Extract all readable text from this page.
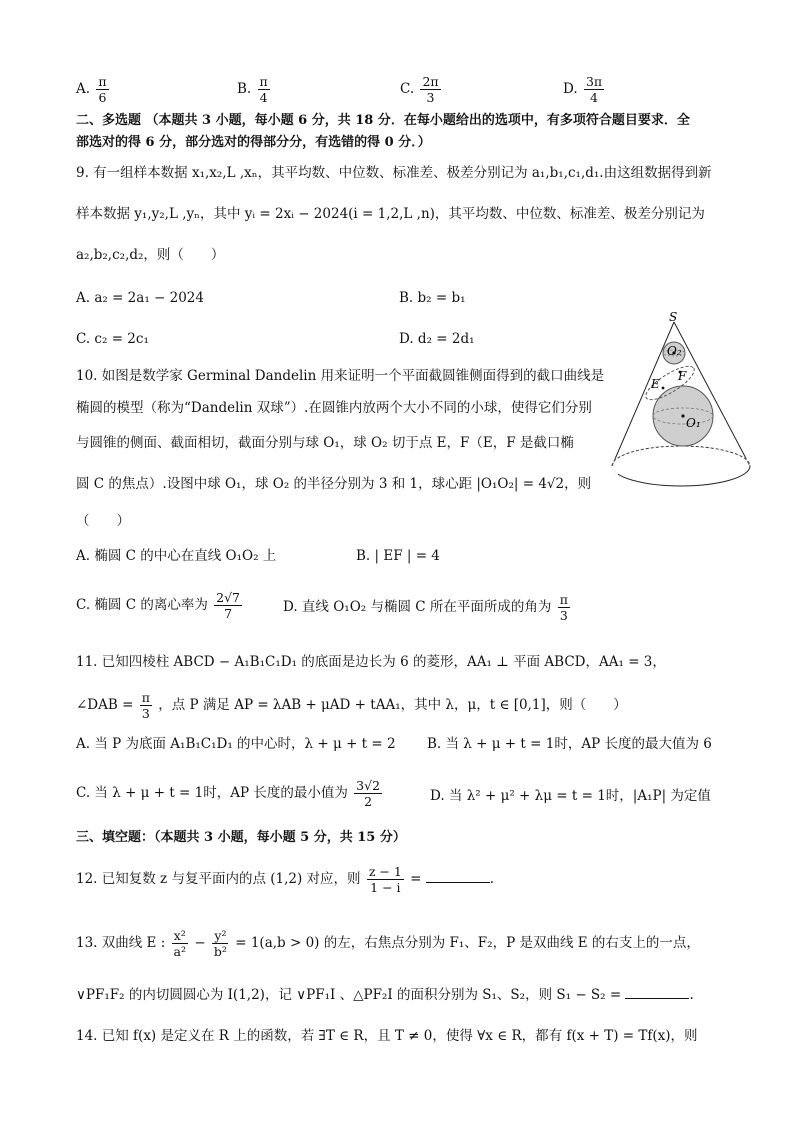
A. $\frac{\pi}{6}$	B. $\frac{\pi}{4}$	C. $\frac{2\pi}{3}$	D. $\frac{3\pi}{4}$
二、多选题 （本题共 3 小题，每小题 6 分，共 18 分．在每小题给出的选项中，有多项符合题目要求．全
部选对的得 6 分，部分选对的得部分分，有选错的得 0 分．）
9. 有一组样本数据 x₁,x₂,L ,xₙ，其平均数、中位数、标准差、极差分别记为 a₁,b₁,c₁,d₁.由这组数据得到新
样本数据 y₁,y₂,L ,yₙ，其中 yᵢ = 2xᵢ − 2024(i = 1,2,L ,n)，其平均数、中位数、标准差、极差分别记为
a₂,b₂,c₂,d₂，则（　　）
A. a₂ = 2a₁ − 2024	B. b₂ = b₁
C. c₂ = 2c₁	D. d₂ = 2d₁
10. 如图是数学家 Germinal Dandelin 用来证明一个平面截圆锥侧面得到的截口曲线是
椭圆的模型（称为“Dandelin 双球”）.在圆锥内放两个大小不同的小球，使得它们分别
与圆锥的侧面、截面相切，截面分别与球 O₁，球 O₂ 切于点 E，F（E，F 是截口椭
圆 C 的焦点）.设图中球 O₁，球 O₂ 的半径分别为 3 和 1，球心距 |O₁O₂| = 4√2，则
（　　）
S
O₂
O₁
E
F
A. 椭圆 C 的中心在直线 O₁O₂ 上	B. | EF | = 4
C. 椭圆 C 的离心率为 $\frac{2√7}{7}$	D. 直线 O₁O₂ 与椭圆 C 所在平面所成的角为 $\frac{\pi}{3}$
11. 已知四棱柱 ABCD − A₁B₁C₁D₁ 的底面是边长为 6 的菱形，AA₁ ⊥ 平面 ABCD，AA₁ = 3，
∠DAB = $\frac{\pi}{3}$ ，点 P 满足 AP = λAB + μAD + tAA₁，其中 λ，μ，t ∈ [0,1]，则（　　）
A. 当 P 为底面 A₁B₁C₁D₁ 的中心时，λ + μ + t = 2 B. 当 λ + μ + t = 1时，AP 长度的最大值为 6
C. 当 λ + μ + t = 1时，AP 长度的最小值为 $\frac{3√2}{2}$	D. 当 λ² + μ² + λμ = t = 1时，|A₁P| 为定值
三、填空题：（本题共 3 小题，每小题 5 分，共 15 分）
12. 已知复数 z 与复平面内的点 (1,2) 对应，则 $\frac{z - 1}{1 - i}$ =	.
13. 双曲线 E : $\frac{\text{x²}}{\text{a²}} - \frac{\text{y²}}{\text{b²}} = 1(a,b > 0)$ 的左，右焦点分别为 F₁、F₂，P 是双曲线 E 的右支上的一点，
∨PF₁F₂ 的内切圆圆心为 I(1,2)，记 ∨PF₁I 、△PF₂I 的面积分别为 S₁、S₂，则 S₁ − S₂ =	.
14. 已知 f(x) 是定义在 R 上的函数，若 ∃T ∈ R，且 T ≠ 0，使得 ∀x ∈ R，都有 f(x + T) = Tf(x)，则
